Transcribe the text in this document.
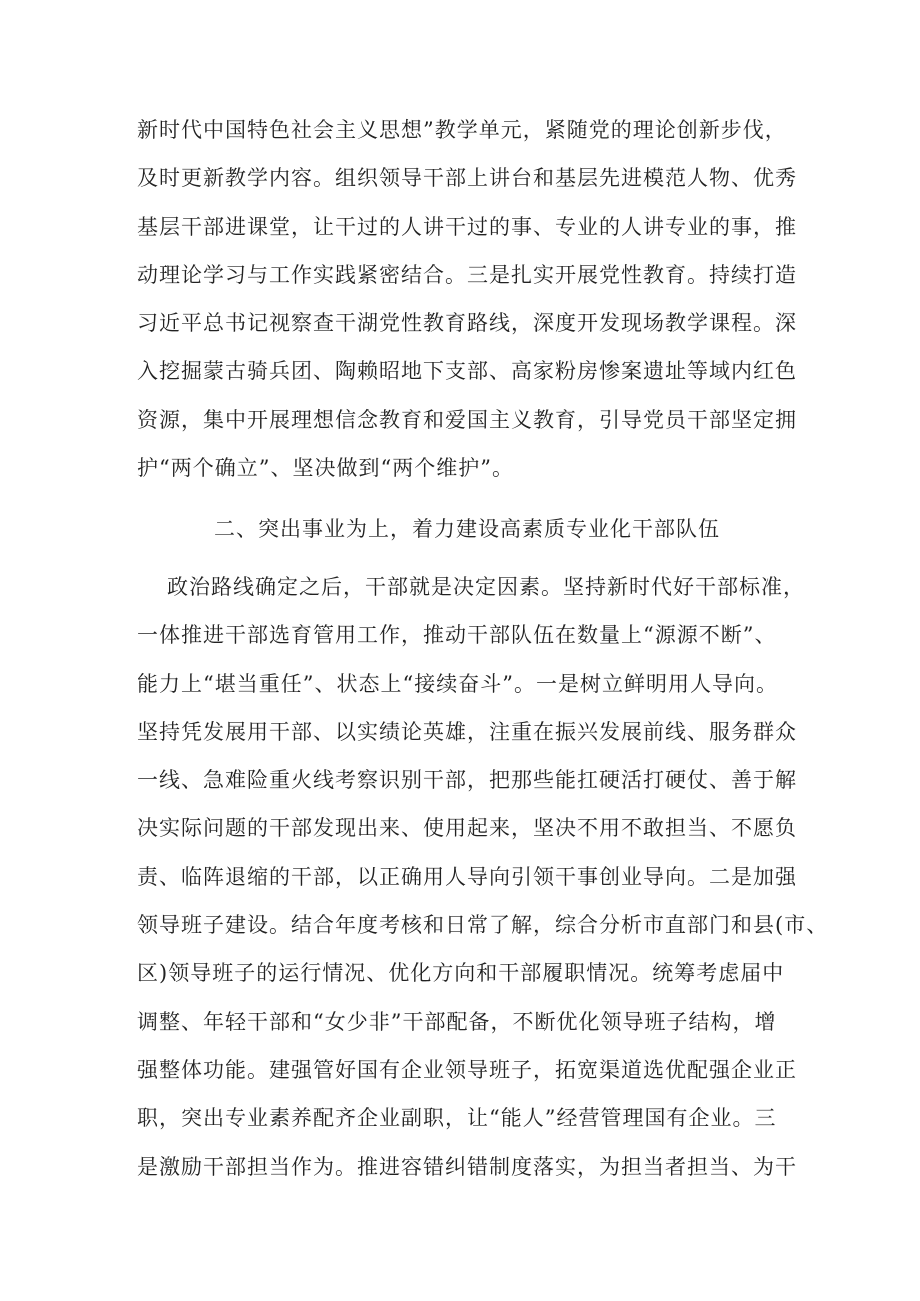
新时代中国特色社会主义思想”教学单元，紧随党的理论创新步伐，
及时更新教学内容。组织领导干部上讲台和基层先进模范人物、优秀
基层干部进课堂，让干过的人讲干过的事、专业的人讲专业的事，推
动理论学习与工作实践紧密结合。三是扎实开展党性教育。持续打造
习近平总书记视察查干湖党性教育路线，深度开发现场教学课程。深
入挖掘蒙古骑兵团、陶赖昭地下支部、高家粉房惨案遗址等域内红色
资源，集中开展理想信念教育和爱国主义教育，引导党员干部坚定拥
护“两个确立”、坚决做到“两个维护”。
二、突出事业为上，着力建设高素质专业化干部队伍
政治路线确定之后，干部就是决定因素。坚持新时代好干部标准，
一体推进干部选育管用工作，推动干部队伍在数量上“源源不断”、
能力上“堪当重任”、状态上“接续奋斗”。一是树立鲜明用人导向。
坚持凭发展用干部、以实绩论英雄，注重在振兴发展前线、服务群众
一线、急难险重火线考察识别干部，把那些能扛硬活打硬仗、善于解
决实际问题的干部发现出来、使用起来，坚决不用不敢担当、不愿负
责、临阵退缩的干部，以正确用人导向引领干事创业导向。二是加强
领导班子建设。结合年度考核和日常了解，综合分析市直部门和县(市、
区)领导班子的运行情况、优化方向和干部履职情况。统筹考虑届中
调整、年轻干部和“女少非”干部配备，不断优化领导班子结构，增
强整体功能。建强管好国有企业领导班子，拓宽渠道选优配强企业正
职，突出专业素养配齐企业副职，让“能人”经营管理国有企业。三
是激励干部担当作为。推进容错纠错制度落实，为担当者担当、为干
